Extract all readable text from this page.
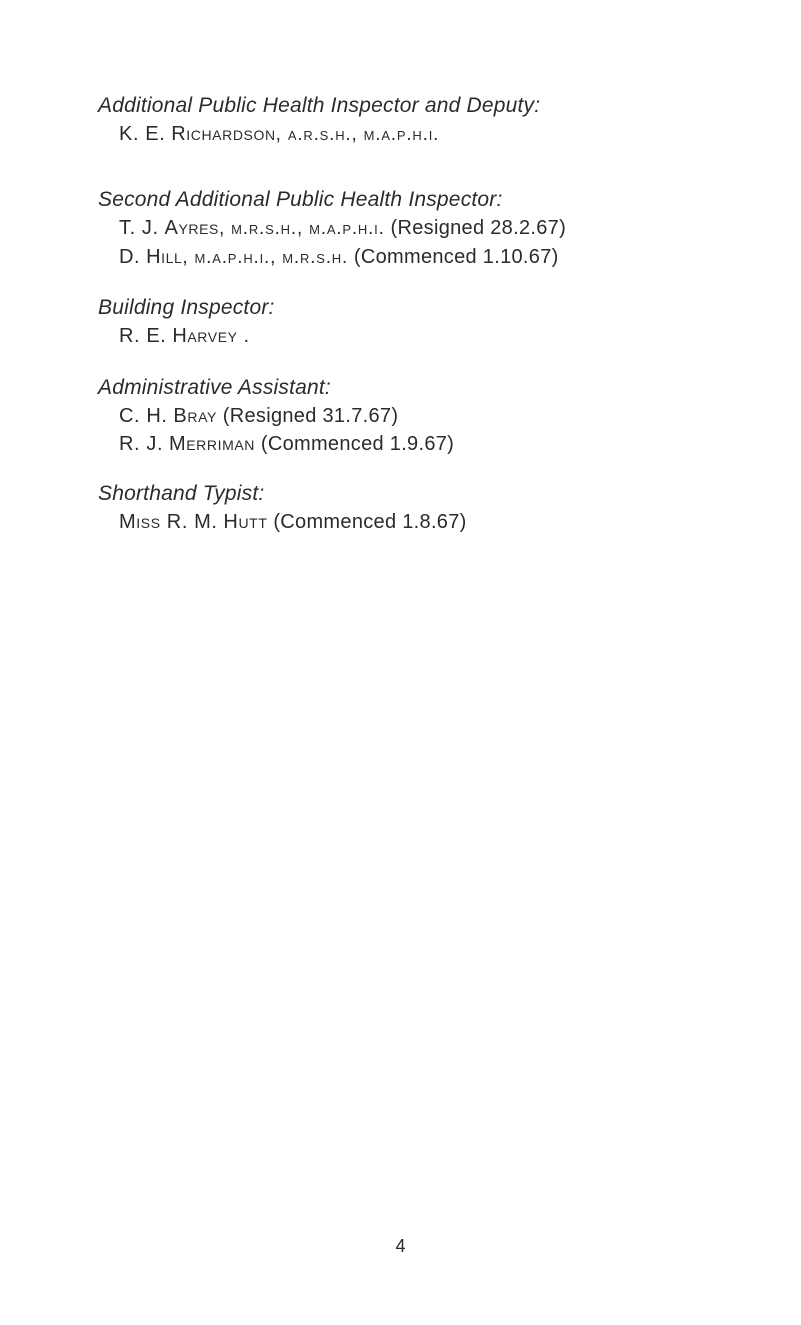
Additional Public Health Inspector and Deputy:

K. E. Richardson, a.r.s.h., m.a.p.h.i.

Second Additional Public Health Inspector:

T. J. Ayres, m.r.s.h., m.a.p.h.i. (Resigned 28.2.67)

D. Hill, m.a.p.h.i., m.r.s.h. (Commenced 1.10.67)

Building Inspector:

R. E. Harvey .

Administrative Assistant:

C. H. Bray (Resigned 31.7.67)

R. J. Merriman (Commenced 1.9.67)

Shorthand Typist:

Miss R. M. Hutt (Commenced 1.8.67)

4
